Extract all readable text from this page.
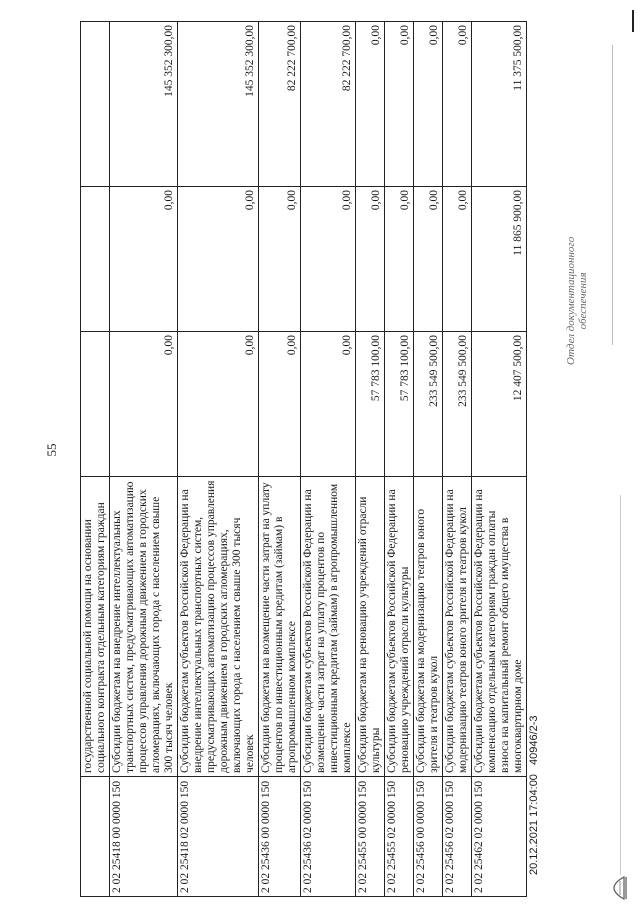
55
	государственной социальной помощи на основании социального контракта отдельным категориям граждан			
2 02 25418 00 0000 150	Субсидии бюджетам на внедрение интеллектуальных транспортных систем, предусматривающих автоматизацию процессов управления дорожным движением в городских агломерациях, включающих города с населением свыше 300 тысяч человек	0,00	0,00	145 352 300,00
2 02 25418 02 0000 150	Субсидии бюджетам субъектов Российской Федерации на внедрение интеллектуальных транспортных систем, предусматривающих автоматизацию процессов управления дорожным движением в городских агломерациях, включающих города с населением свыше 300 тысяч человек	0,00	0,00	145 352 300,00
2 02 25436 00 0000 150	Субсидии бюджетам на возмещение части затрат на уплату процентов по инвестиционным кредитам (займам) в агропромышленном комплексе	0,00	0,00	82 222 700,00
2 02 25436 02 0000 150	Субсидии бюджетам субъектов Российской Федерации на возмещение части затрат на уплату процентов по инвестиционным кредитам (займам) в агропромышленном комплексе	0,00	0,00	82 222 700,00
2 02 25455 00 0000 150	Субсидии бюджетам на реновацию учреждений отрасли культуры	57 783 100,00	0,00	0,00
2 02 25455 02 0000 150	Субсидии бюджетам субъектов Российской Федерации на реновацию учреждений отрасли культуры	57 783 100,00	0,00	0,00
2 02 25456 00 0000 150	Субсидии бюджетам на модернизацию театров юного зрителя и театров кукол	233 549 500,00	0,00	0,00
2 02 25456 02 0000 150	Субсидии бюджетам субъектов Российской Федерации на модернизацию театров юного зрителя и театров кукол	233 549 500,00	0,00	0,00
2 02 25462 02 0000 150	Субсидии бюджетам субъектов Российской Федерации на компенсацию отдельным категориям граждан оплаты взноса на капитальный ремонт общего имущества в многоквартирном доме	12 407 500,00	11 865 900,00	11 375 500,00
20.12.2021 17:04:00
40946/2-3
Отдел документационного обеспечения
